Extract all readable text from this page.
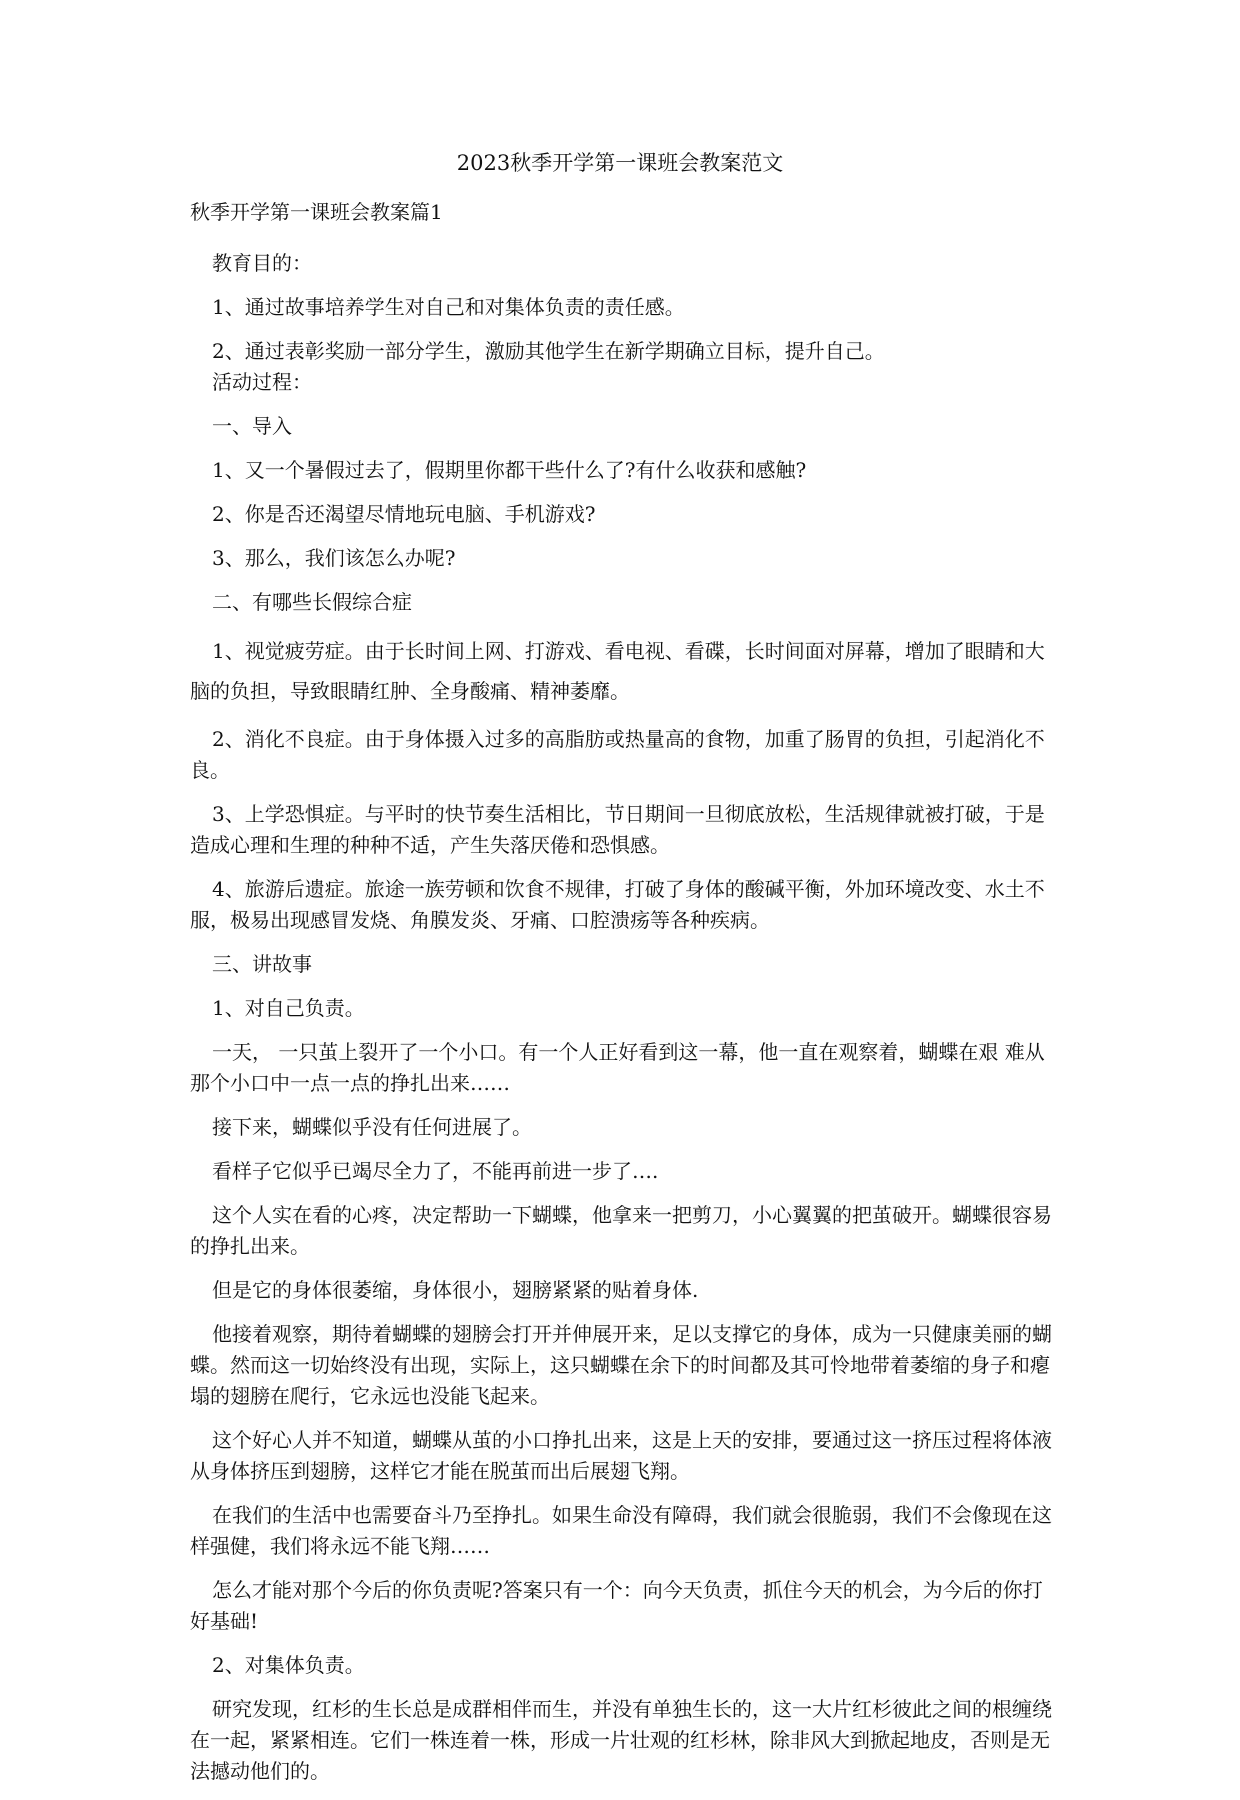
2023秋季开学第一课班会教案范文
秋季开学第一课班会教案篇1

教育目的：

1、通过故事培养学生对自己和对集体负责的责任感。

2、通过表彰奖励一部分学生，激励其他学生在新学期确立目标，提升自己。

活动过程：

一、导入

1、又一个暑假过去了，假期里你都干些什么了?有什么收获和感触?

2、你是否还渴望尽情地玩电脑、手机游戏?

3、那么，我们该怎么办呢?

二、有哪些长假综合症

1、视觉疲劳症。由于长时间上网、打游戏、看电视、看碟，长时间面对屏幕，增加了眼睛和大脑的负担，导致眼睛红肿、全身酸痛、精神萎靡。

2、消化不良症。由于身体摄入过多的高脂肪或热量高的食物，加重了肠胃的负担，引起消化不良。

3、上学恐惧症。与平时的快节奏生活相比，节日期间一旦彻底放松，生活规律就被打破，于是造成心理和生理的种种不适，产生失落厌倦和恐惧感。

4、旅游后遗症。旅途一族劳顿和饮食不规律，打破了身体的酸碱平衡，外加环境改变、水土不服，极易出现感冒发烧、角膜发炎、牙痛、口腔溃疡等各种疾病。

三、讲故事

1、对自己负责。

一天， 一只茧上裂开了一个小口。有一个人正好看到这一幕，他一直在观察着，蝴蝶在艰 难从那个小口中一点一点的挣扎出来……

接下来，蝴蝶似乎没有任何进展了。

看样子它似乎已竭尽全力了，不能再前进一步了….

这个人实在看的心疼，决定帮助一下蝴蝶，他拿来一把剪刀，小心翼翼的把茧破开。蝴蝶很容易的挣扎出来。

但是它的身体很萎缩，身体很小，翅膀紧紧的贴着身体.

他接着观察，期待着蝴蝶的翅膀会打开并伸展开来，足以支撑它的身体，成为一只健康美丽的蝴蝶。然而这一切始终没有出现，实际上，这只蝴蝶在余下的时间都及其可怜地带着萎缩的身子和瘪塌的翅膀在爬行，它永远也没能飞起来。

这个好心人并不知道，蝴蝶从茧的小口挣扎出来，这是上天的安排，要通过这一挤压过程将体液从身体挤压到翅膀，这样它才能在脱茧而出后展翅飞翔。

在我们的生活中也需要奋斗乃至挣扎。如果生命没有障碍，我们就会很脆弱，我们不会像现在这样强健，我们将永远不能飞翔……

怎么才能对那个今后的你负责呢?答案只有一个：向今天负责，抓住今天的机会，为今后的你打好基础!

2、对集体负责。

研究发现，红杉的生长总是成群相伴而生，并没有单独生长的，这一大片红杉彼此之间的根缠绕在一起，紧紧相连。它们一株连着一株，形成一片壮观的红杉林，除非风大到掀起地皮，否则是无法撼动他们的。
